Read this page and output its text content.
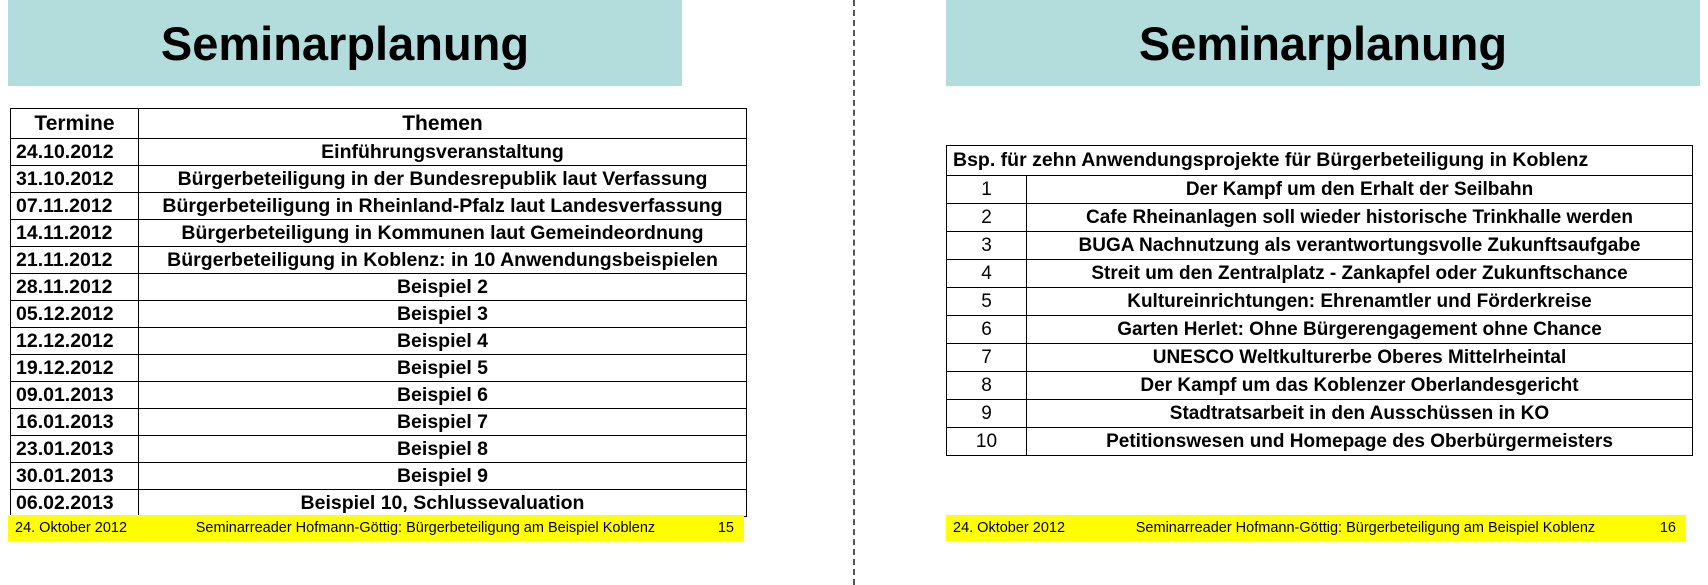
Seminarplanung
Termine	Themen
24.10.2012	Einführungsveranstaltung
31.10.2012	Bürgerbeteiligung in der Bundesrepublik laut Verfassung
07.11.2012	Bürgerbeteiligung in Rheinland-Pfalz laut Landesverfassung
14.11.2012	Bürgerbeteiligung in Kommunen laut Gemeindeordnung
21.11.2012	Bürgerbeteiligung in Koblenz: in 10 Anwendungsbeispielen
28.11.2012	Beispiel 2
05.12.2012	Beispiel 3
12.12.2012	Beispiel 4
19.12.2012	Beispiel 5
09.01.2013	Beispiel 6
16.01.2013	Beispiel 7
23.01.2013	Beispiel 8
30.01.2013	Beispiel 9
06.02.2013	Beispiel 10, Schlussevaluation
24. Oktober 2012	Seminarreader Hofmann-Göttig: Bürgerbeteiligung am Beispiel Koblenz	15
Seminarplanung
Bsp. für zehn Anwendungsprojekte für Bürgerbeteiligung in Koblenz	
1	Der Kampf um den Erhalt der Seilbahn
2	Cafe Rheinanlagen soll wieder historische Trinkhalle werden
3	BUGA Nachnutzung als verantwortungsvolle Zukunftsaufgabe
4	Streit um den Zentralplatz - Zankapfel oder Zukunftschance
5	Kultureinrichtungen: Ehrenamtler und Förderkreise
6	Garten Herlet: Ohne Bürgerengagement ohne Chance
7	UNESCO Weltkulturerbe Oberes Mittelrheintal
8	Der Kampf um das Koblenzer Oberlandesgericht
9	Stadtratsarbeit in den Ausschüssen in KO
10	Petitionswesen und Homepage des Oberbürgermeisters
24. Oktober 2012	Seminarreader Hofmann-Göttig: Bürgerbeteiligung am Beispiel Koblenz	16
